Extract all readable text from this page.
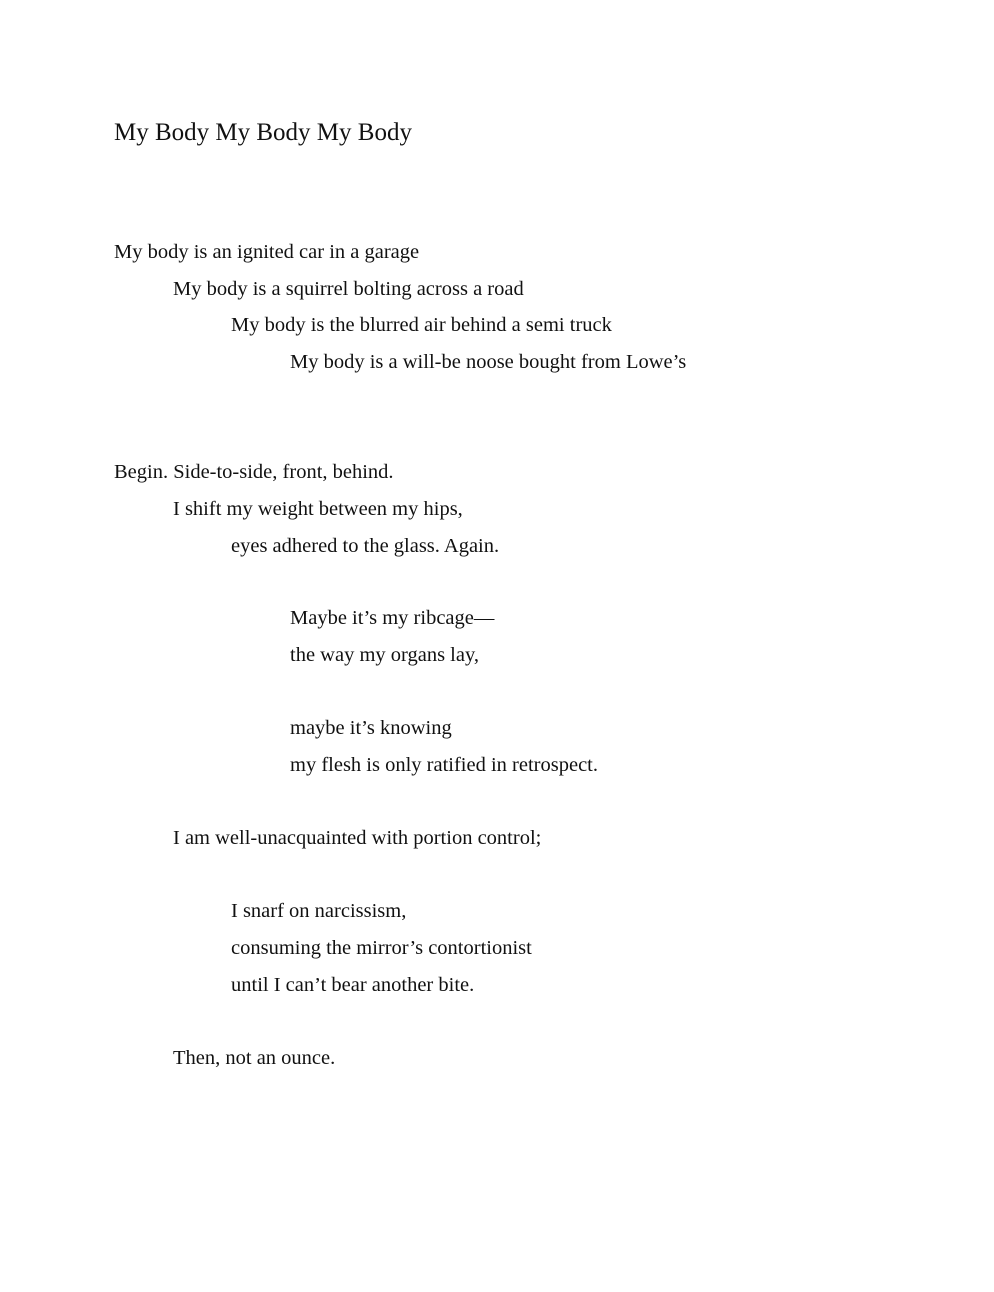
My Body My Body My Body

My body is an ignited car in a garage

My body is a squirrel bolting across a road

My body is the blurred air behind a semi truck

My body is a will-be noose bought from Lowe’s

Begin. Side-to-side, front, behind.

I shift my weight between my hips,

eyes adhered to the glass. Again.

Maybe it’s my ribcage—

the way my organs lay,

maybe it’s knowing

my flesh is only ratified in retrospect.

I am well-unacquainted with portion control;

I snarf on narcissism,

consuming the mirror’s contortionist

until I can’t bear another bite.

Then, not an ounce.
